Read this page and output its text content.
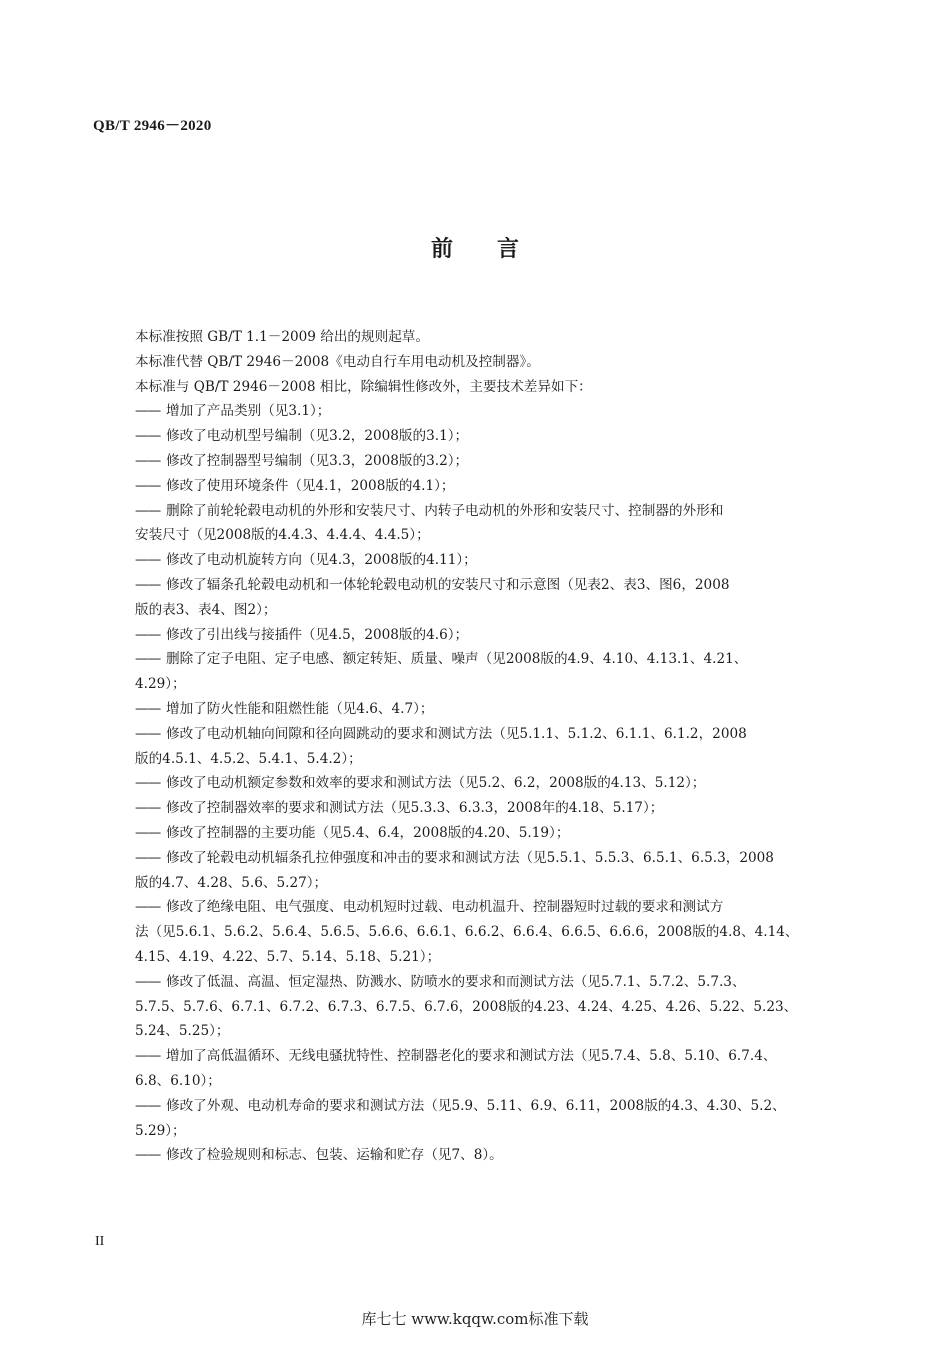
QB/T 2946－2020
前言
本标准按照 GB/T 1.1－2009 给出的规则起草。
本标准代替 QB/T 2946－2008《电动自行车用电动机及控制器》。
本标准与 QB/T 2946－2008 相比，除编辑性修改外，主要技术差异如下：
—— 增加了产品类别（见3.1）；
—— 修改了电动机型号编制（见3.2，2008版的3.1）；
—— 修改了控制器型号编制（见3.3，2008版的3.2）；
—— 修改了使用环境条件（见4.1，2008版的4.1）；
—— 删除了前轮轮毂电动机的外形和安装尺寸、内转子电动机的外形和安装尺寸、控制器的外形和
安装尺寸（见2008版的4.4.3、4.4.4、4.4.5）；
—— 修改了电动机旋转方向（见4.3，2008版的4.11）；
—— 修改了辐条孔轮毂电动机和一体轮轮毂电动机的安装尺寸和示意图（见表2、表3、图6，2008
版的表3、表4、图2）；
—— 修改了引出线与接插件（见4.5，2008版的4.6）；
—— 删除了定子电阻、定子电感、额定转矩、质量、噪声（见2008版的4.9、4.10、4.13.1、4.21、
4.29）；
—— 增加了防火性能和阻燃性能（见4.6、4.7）；
—— 修改了电动机轴向间隙和径向圆跳动的要求和测试方法（见5.1.1、5.1.2、6.1.1、6.1.2，2008
版的4.5.1、4.5.2、5.4.1、5.4.2）；
—— 修改了电动机额定参数和效率的要求和测试方法（见5.2、6.2，2008版的4.13、5.12）；
—— 修改了控制器效率的要求和测试方法（见5.3.3、6.3.3，2008年的4.18、5.17）；
—— 修改了控制器的主要功能（见5.4、6.4，2008版的4.20、5.19）；
—— 修改了轮毂电动机辐条孔拉伸强度和冲击的要求和测试方法（见5.5.1、5.5.3、6.5.1、6.5.3，2008
版的4.7、4.28、5.6、5.27）；
—— 修改了绝缘电阻、电气强度、电动机短时过载、电动机温升、控制器短时过载的要求和测试方
法（见5.6.1、5.6.2、5.6.4、5.6.5、5.6.6、6.6.1、6.6.2、6.6.4、6.6.5、6.6.6，2008版的4.8、4.14、
4.15、4.19、4.22、5.7、5.14、5.18、5.21）；
—— 修改了低温、高温、恒定湿热、防溅水、防喷水的要求和而测试方法（见5.7.1、5.7.2、5.7.3、
5.7.5、5.7.6、6.7.1、6.7.2、6.7.3、6.7.5、6.7.6，2008版的4.23、4.24、4.25、4.26、5.22、5.23、
5.24、5.25）；
—— 增加了高低温循环、无线电骚扰特性、控制器老化的要求和测试方法（见5.7.4、5.8、5.10、6.7.4、
6.8、6.10）；
—— 修改了外观、电动机寿命的要求和测试方法（见5.9、5.11、6.9、6.11，2008版的4.3、4.30、5.2、
5.29）；
—— 修改了检验规则和标志、包装、运输和贮存（见7、8）。
II
库七七 www.kqqw.com标准下载
